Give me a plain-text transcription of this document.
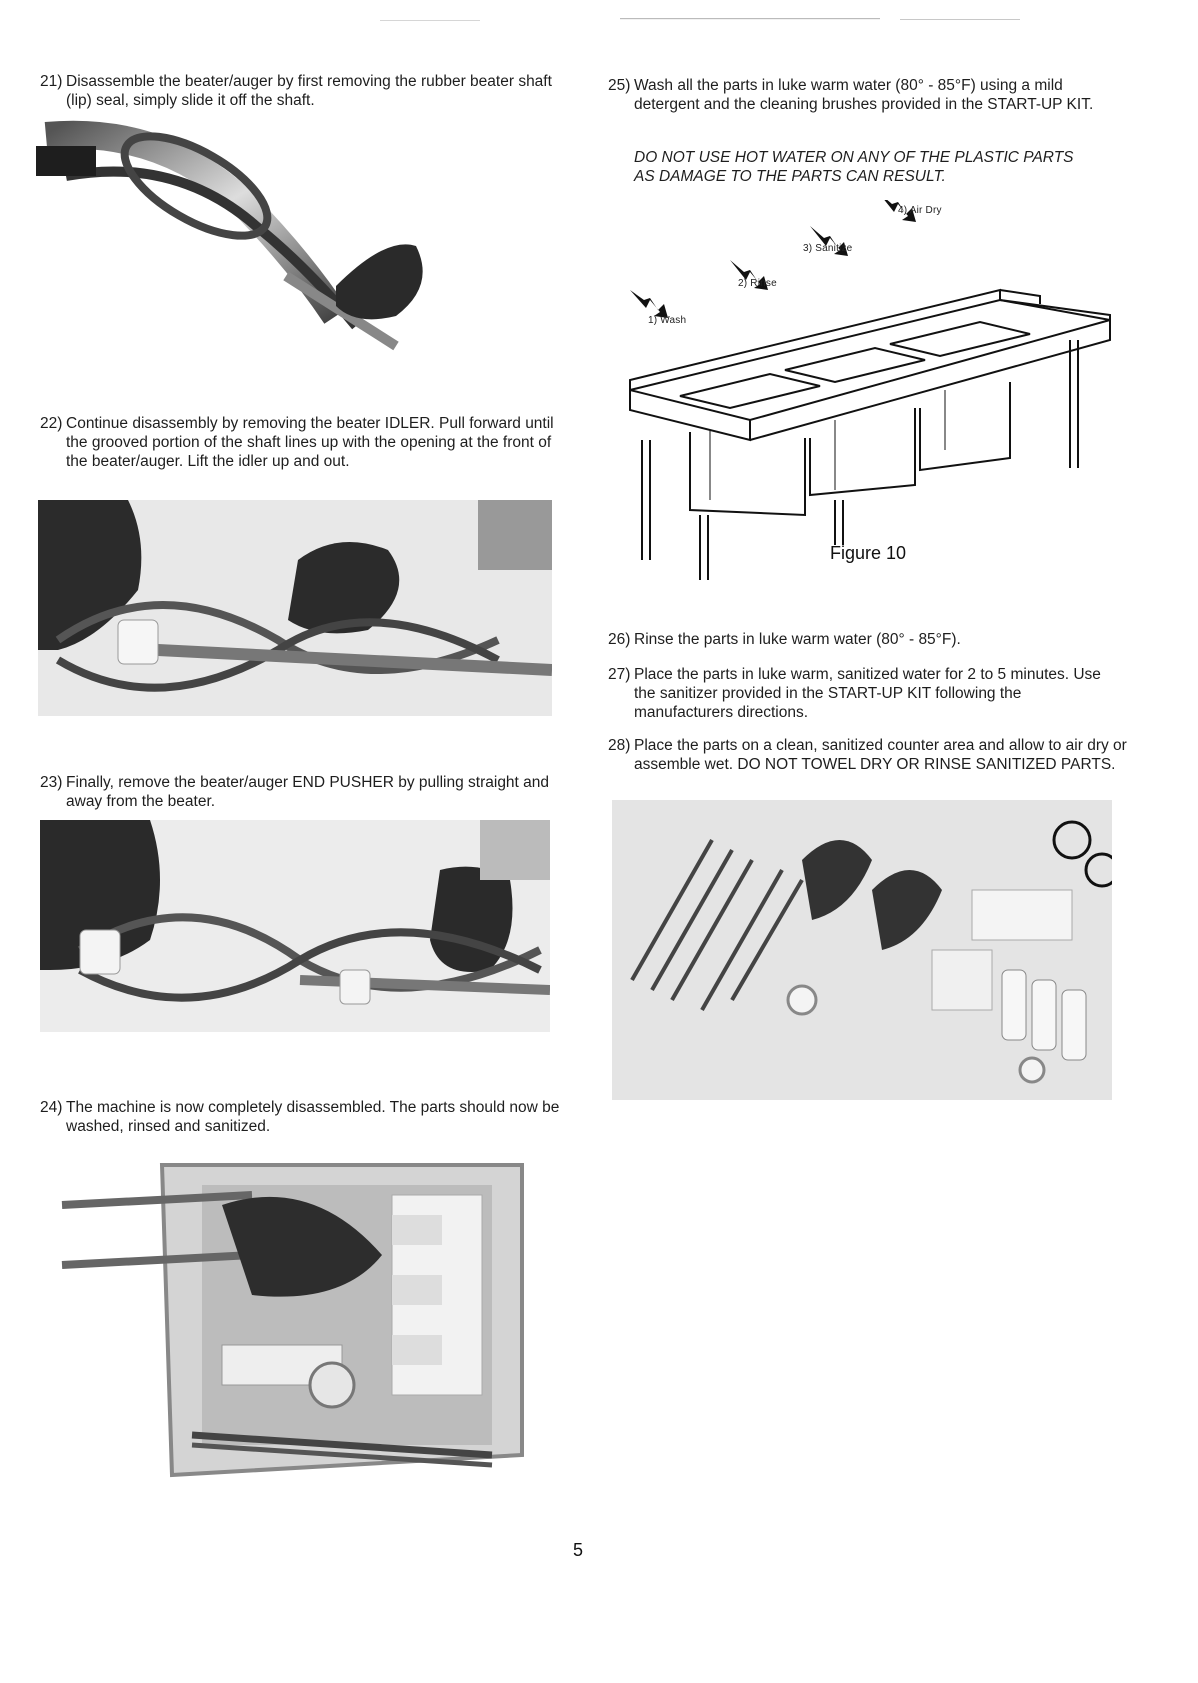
21) Disassemble the beater/auger by first removing the rubber beater shaft (lip) seal, simply slide it off the shaft.
22) Continue disassembly by removing the beater IDLER. Pull forward until the grooved portion of the shaft lines up with the opening at the front of the beater/auger. Lift the idler up and out.
23) Finally, remove the beater/auger END PUSHER by pulling straight and away from the beater.
24) The machine is now completely disassembled. The parts should now be washed, rinsed and sanitized.
25) Wash all the parts in luke warm water (80° - 85°F) using a mild detergent and the cleaning brushes provided in the START-UP KIT.
DO NOT USE HOT WATER ON ANY OF THE PLASTIC PARTS AS DAMAGE TO THE PARTS CAN RESULT.
1) Wash
2) Rinse
3) Sanitize
4) Air Dry
Figure 10
26) Rinse the parts in luke warm water (80° - 85°F).
27) Place the parts in luke warm, sanitized water for 2 to 5 minutes. Use the sanitizer provided in the START-UP KIT following the manufacturers directions.
28) Place the parts on a clean, sanitized counter area and allow to air dry or assemble wet. DO NOT TOWEL DRY OR RINSE SANITIZED PARTS.
5
